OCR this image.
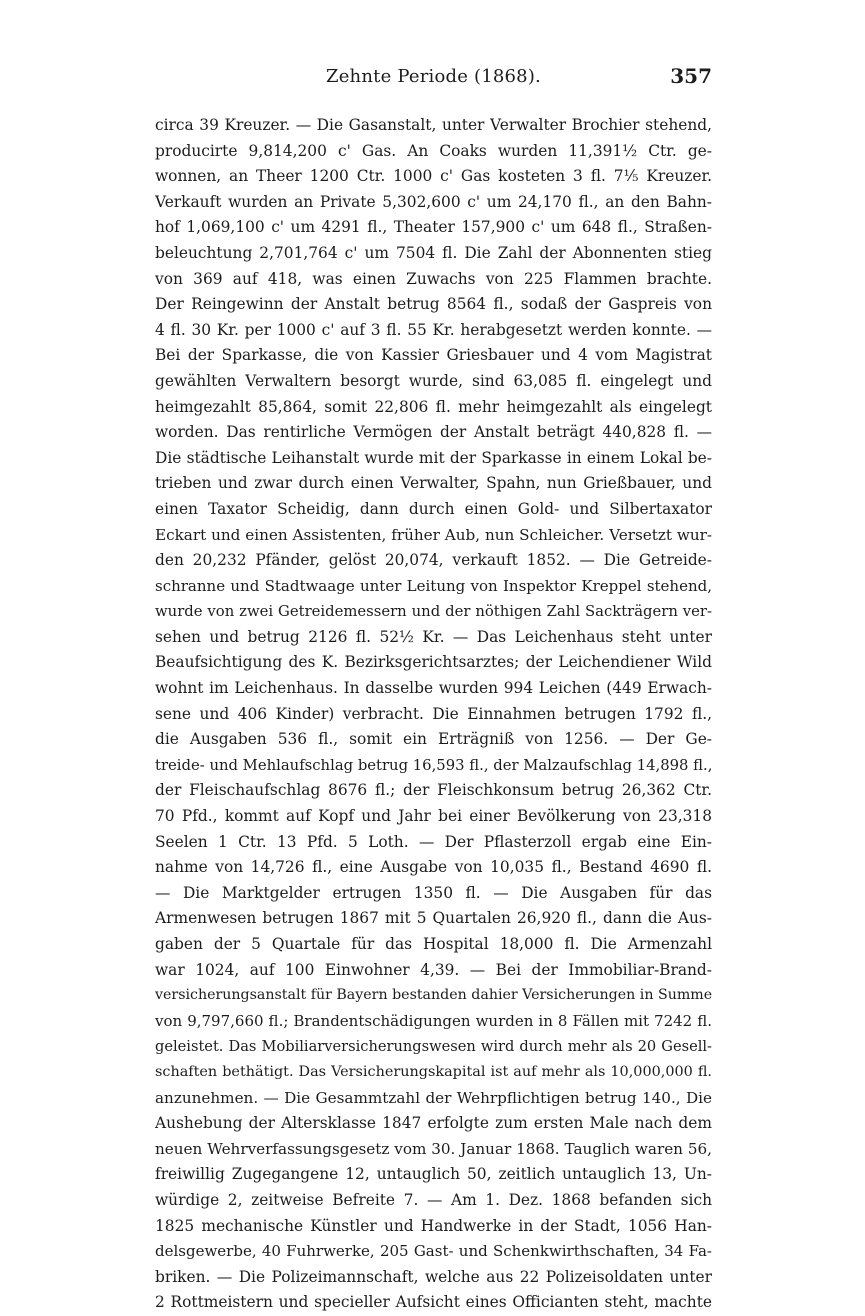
Zehnte Periode (1868).	357
circa 39 Kreuzer. — Die Gasanstalt, unter Verwalter Brochier stehend,
producirte 9,814,200 c' Gas. An Coaks wurden 11,391½ Ctr. ge-
wonnen, an Theer 1200 Ctr. 1000 c' Gas kosteten 3 fl. 7⅕ Kreuzer.
Verkauft wurden an Private 5,302,600 c' um 24,170 fl., an den Bahn-
hof 1,069,100 c' um 4291 fl., Theater 157,900 c' um 648 fl., Straßen-
beleuchtung 2,701,764 c' um 7504 fl. Die Zahl der Abonnenten stieg
von 369 auf 418, was einen Zuwachs von 225 Flammen brachte.
Der Reingewinn der Anstalt betrug 8564 fl., sodaß der Gaspreis von
4 fl. 30 Kr. per 1000 c' auf 3 fl. 55 Kr. herabgesetzt werden konnte. —
Bei der Sparkasse, die von Kassier Griesbauer und 4 vom Magistrat
gewählten Verwaltern besorgt wurde, sind 63,085 fl. eingelegt und
heimgezahlt 85,864, somit 22,806 fl. mehr heimgezahlt als eingelegt
worden. Das rentirliche Vermögen der Anstalt beträgt 440,828 fl. —
Die städtische Leihanstalt wurde mit der Sparkasse in einem Lokal be-
trieben und zwar durch einen Verwalter, Spahn, nun Grießbauer, und
einen Taxator Scheidig, dann durch einen Gold- und Silbertaxator
Eckart und einen Assistenten, früher Aub, nun Schleicher. Versetzt wur-
den 20,232 Pfänder, gelöst 20,074, verkauft 1852. — Die Getreide-
schranne und Stadtwaage unter Leitung von Inspektor Kreppel stehend,
wurde von zwei Getreidemessern und der nöthigen Zahl Sackträgern ver-
sehen und betrug 2126 fl. 52½ Kr. — Das Leichenhaus steht unter
Beaufsichtigung des K. Bezirksgerichtsarztes; der Leichendiener Wild
wohnt im Leichenhaus. In dasselbe wurden 994 Leichen (449 Erwach-
sene und 406 Kinder) verbracht. Die Einnahmen betrugen 1792 fl.,
die Ausgaben 536 fl., somit ein Erträgniß von 1256. — Der Ge-
treide- und Mehlaufschlag betrug 16,593 fl., der Malzaufschlag 14,898 fl.,
der Fleischaufschlag 8676 fl.; der Fleischkonsum betrug 26,362 Ctr.
70 Pfd., kommt auf Kopf und Jahr bei einer Bevölkerung von 23,318
Seelen 1 Ctr. 13 Pfd. 5 Loth. — Der Pflasterzoll ergab eine Ein-
nahme von 14,726 fl., eine Ausgabe von 10,035 fl., Bestand 4690 fl.
— Die Marktgelder ertrugen 1350 fl. — Die Ausgaben für das
Armenwesen betrugen 1867 mit 5 Quartalen 26,920 fl., dann die Aus-
gaben der 5 Quartale für das Hospital 18,000 fl. Die Armenzahl
war 1024, auf 100 Einwohner 4,39. — Bei der Immobiliar-Brand-
versicherungsanstalt für Bayern bestanden dahier Versicherungen in Summe
von 9,797,660 fl.; Brandentschädigungen wurden in 8 Fällen mit 7242 fl.
geleistet. Das Mobiliarversicherungswesen wird durch mehr als 20 Gesell-
schaften bethätigt. Das Versicherungskapital ist auf mehr als 10,000,000 fl.
anzunehmen. — Die Gesammtzahl der Wehrpflichtigen betrug 140., Die
Aushebung der Altersklasse 1847 erfolgte zum ersten Male nach dem
neuen Wehrverfassungsgesetz vom 30. Januar 1868. Tauglich waren 56,
freiwillig Zugegangene 12, untauglich 50, zeitlich untauglich 13, Un-
würdige 2, zeitweise Befreite 7. — Am 1. Dez. 1868 befanden sich
1825 mechanische Künstler und Handwerke in der Stadt, 1056 Han-
delsgewerbe, 40 Fuhrwerke, 205 Gast- und Schenkwirthschaften, 34 Fa-
briken. — Die Polizeimannschaft, welche aus 22 Polizeisoldaten unter
2 Rottmeistern und specieller Aufsicht eines Officianten steht, machte
